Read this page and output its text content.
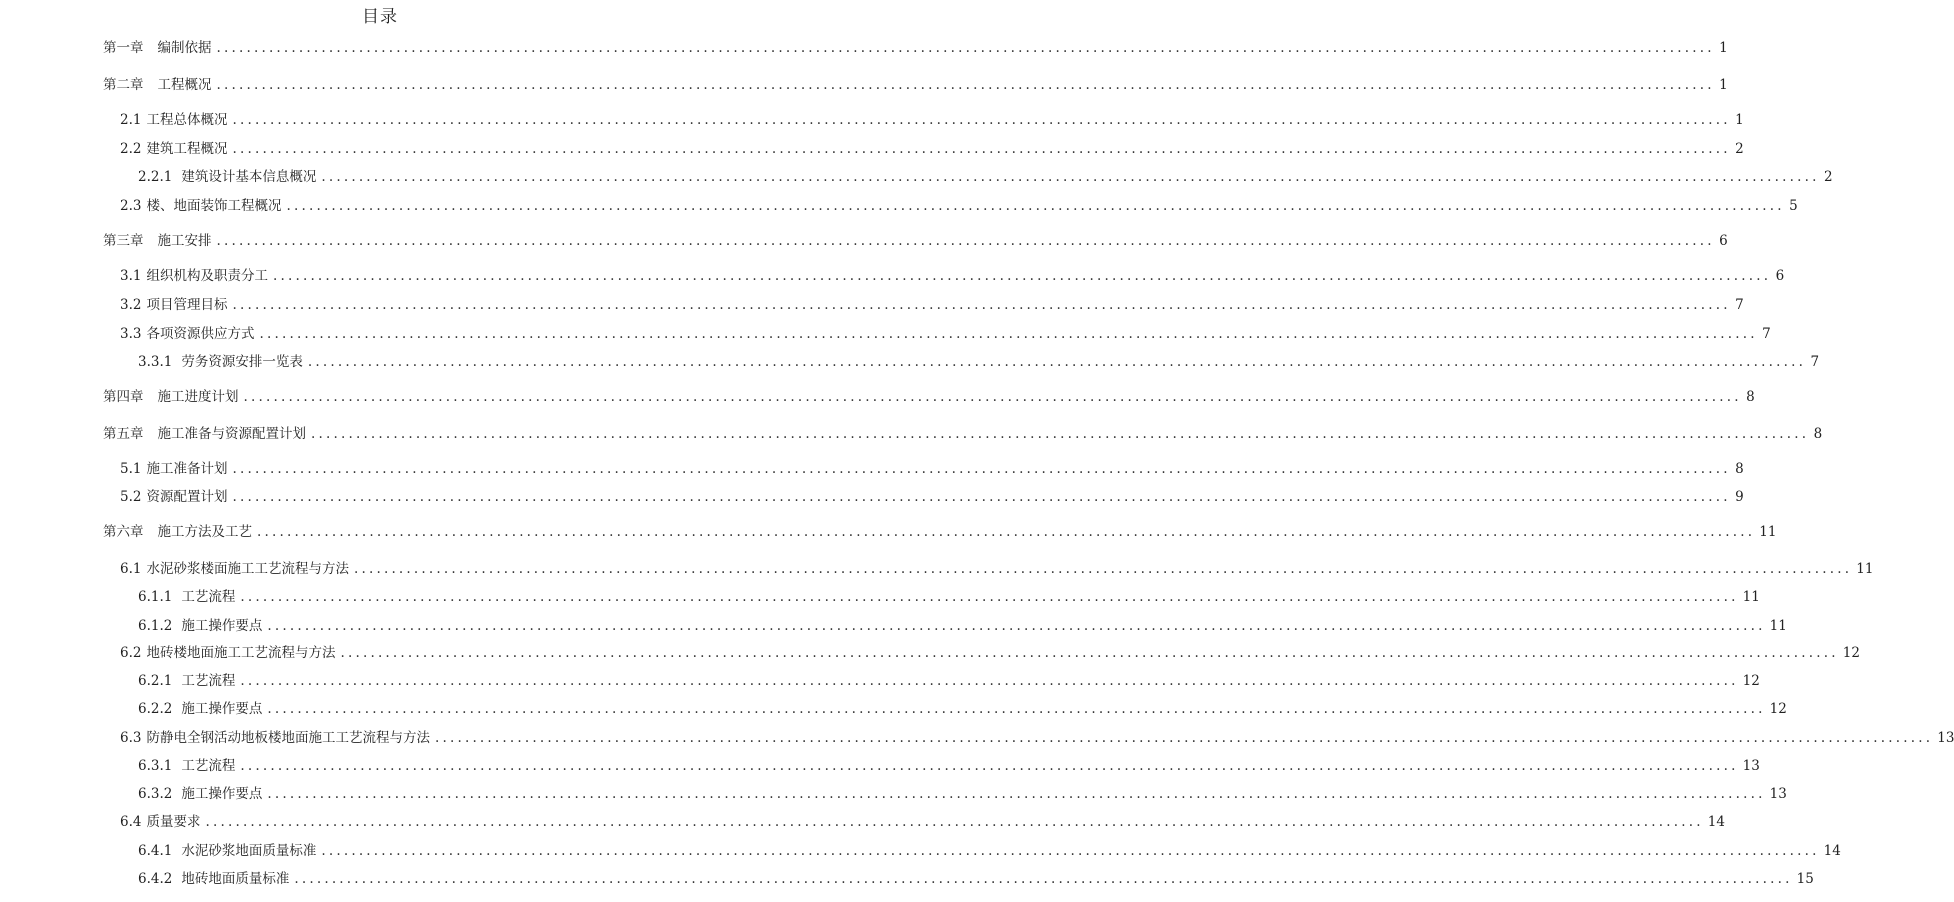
目录
第一章 编制依据 ........................................................................................................................................................................................................ 1
第二章 工程概况 ........................................................................................................................................................................................................ 1
2.1 工程总体概况 ........................................................................................................................................................................................................ 1
2.2 建筑工程概况 ........................................................................................................................................................................................................ 2
2.2.1 建筑设计基本信息概况 ........................................................................................................................................................................................................ 2
2.3 楼、地面装饰工程概况 ........................................................................................................................................................................................................ 5
第三章 施工安排 ........................................................................................................................................................................................................ 6
3.1 组织机构及职责分工 ........................................................................................................................................................................................................ 6
3.2 项目管理目标 ........................................................................................................................................................................................................ 7
3.3 各项资源供应方式 ........................................................................................................................................................................................................ 7
3.3.1 劳务资源安排一览表 ........................................................................................................................................................................................................ 7
第四章 施工进度计划 ........................................................................................................................................................................................................ 8
第五章 施工准备与资源配置计划 ........................................................................................................................................................................................................ 8
5.1 施工准备计划 ........................................................................................................................................................................................................ 8
5.2 资源配置计划 ........................................................................................................................................................................................................ 9
第六章 施工方法及工艺 ........................................................................................................................................................................................................ 11
6.1 水泥砂浆楼面施工工艺流程与方法 ........................................................................................................................................................................................................ 11
6.1.1 工艺流程 ........................................................................................................................................................................................................ 11
6.1.2 施工操作要点 ........................................................................................................................................................................................................ 11
6.2 地砖楼地面施工工艺流程与方法 ........................................................................................................................................................................................................ 12
6.2.1 工艺流程 ........................................................................................................................................................................................................ 12
6.2.2 施工操作要点 ........................................................................................................................................................................................................ 12
6.3 防静电全钢活动地板楼地面施工工艺流程与方法 ........................................................................................................................................................................................................ 13
6.3.1 工艺流程 ........................................................................................................................................................................................................ 13
6.3.2 施工操作要点 ........................................................................................................................................................................................................ 13
6.4 质量要求 ........................................................................................................................................................................................................ 14
6.4.1 水泥砂浆地面质量标准 ........................................................................................................................................................................................................ 14
6.4.2 地砖地面质量标准 ........................................................................................................................................................................................................ 15
